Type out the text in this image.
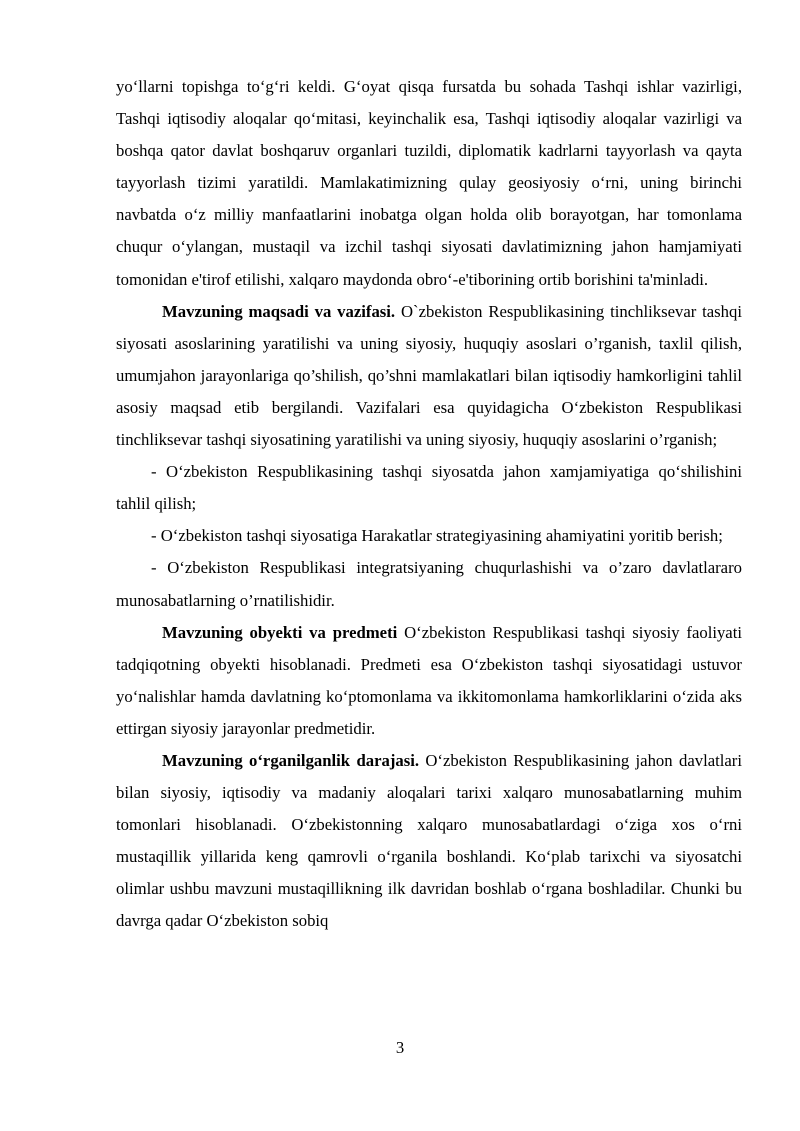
yo‘llarni topishga to‘g‘ri keldi. G‘oyat qisqa fursatda bu sohada Tashqi ishlar vazirligi, Tashqi iqtisodiy aloqalar qo‘mitasi, keyinchalik esa, Tashqi iqtisodiy aloqalar vazirligi va boshqa qator davlat boshqaruv organlari tuzildi, diplomatik kadrlarni tayyorlash va qayta tayyorlash tizimi yaratildi. Mamlakatimizning qulay geosiyosiy o‘rni, uning birinchi navbatda o‘z milliy manfaatlarini inobatga olgan holda olib borayotgan, har tomonlama chuqur o‘ylangan, mustaqil va izchil tashqi siyosati davlatimizning jahon hamjamiyati tomonidan e'tirof etilishi, xalqaro maydonda obro‘-e'tiborining ortib borishini ta'minladi.

Mavzuning maqsadi va vazifasi. O`zbekiston Respublikasining tinchliksevar tashqi siyosati asoslarining yaratilishi va uning siyosiy, huquqiy asoslari o’rganish, taxlil qilish, umumjahon jarayonlariga qo’shilish, qo’shni mamlakatlari bilan iqtisodiy hamkorligini tahlil asosiy maqsad etib bergilandi. Vazifalari esa quyidagicha O‘zbekiston Respublikasi tinchliksevar tashqi siyosatining yaratilishi va uning siyosiy, huquqiy asoslarini o’rganish;

- O‘zbekiston Respublikasining tashqi siyosatda jahon xamjamiyatiga qo‘shilishini tahlil qilish;

- O‘zbekiston tashqi siyosatiga Harakatlar strategiyasining ahamiyatini yoritib berish;

- O‘zbekiston Respublikasi integratsiyaning chuqurlashishi va o’zaro davlatlararo munosabatlarning o’rnatilishidir.

Mavzuning obyekti va predmeti O‘zbekiston Respublikasi tashqi siyosiy faoliyati tadqiqotning obyekti hisoblanadi. Predmeti esa O‘zbekiston tashqi siyosatidagi ustuvor yo‘nalishlar hamda davlatning ko‘ptomonlama va ikkitomonlama hamkorliklarini o‘zida aks ettirgan siyosiy jarayonlar predmetidir.

Mavzuning o‘rganilganlik darajasi. O‘zbekiston Respublikasining jahon davlatlari bilan siyosiy, iqtisodiy va madaniy aloqalari tarixi xalqaro munosabatlarning muhim tomonlari hisoblanadi. O‘zbekistonning xalqaro munosabatlardagi o‘ziga xos o‘rni mustaqillik yillarida keng qamrovli o‘rganila boshlandi. Ko‘plab tarixchi va siyosatchi olimlar ushbu mavzuni mustaqillikning ilk davridan boshlab o‘rgana boshladilar. Chunki bu davrga qadar O‘zbekiston sobiq

3
